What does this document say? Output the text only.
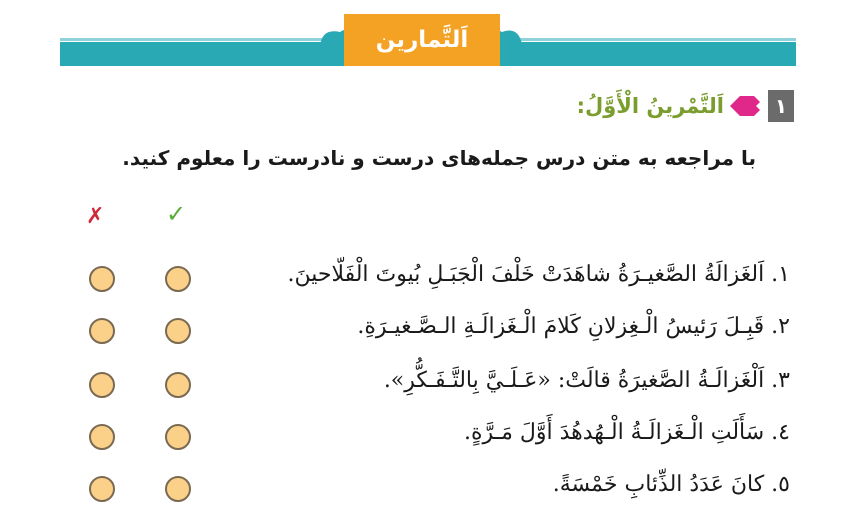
اَلتَّمارين
١
اَلتَّمْرينُ الْأَوَّلُ:
با مراجعه به متن درس جمله‌های درست و نادرست را معلوم کنید.
✗	✓
١. اَلغَزالَةُ الصَّغيـرَةُ شاهَدَتْ خَلْفَ الْجَبَـلِ بُيوتَ الْفَلّاحينَ.
٢. قَبِـلَ رَئيسُ الْـغِزلانِ كَلامَ الْـغَزالَـةِ الـصَّـغيـرَةِ.
٣. اَلْغَزالَـةُ الصَّغيرَةُ قالَتْ: «عَـلَـيَّ بِالتَّـفَـكُّرِ».
٤. سَأَلَتِ الْـغَزالَـةُ الْـهُدهُدَ أَوَّلَ مَـرَّةٍ.
٥. كانَ عَدَدُ الذِّئابِ خَمْسَةً.
